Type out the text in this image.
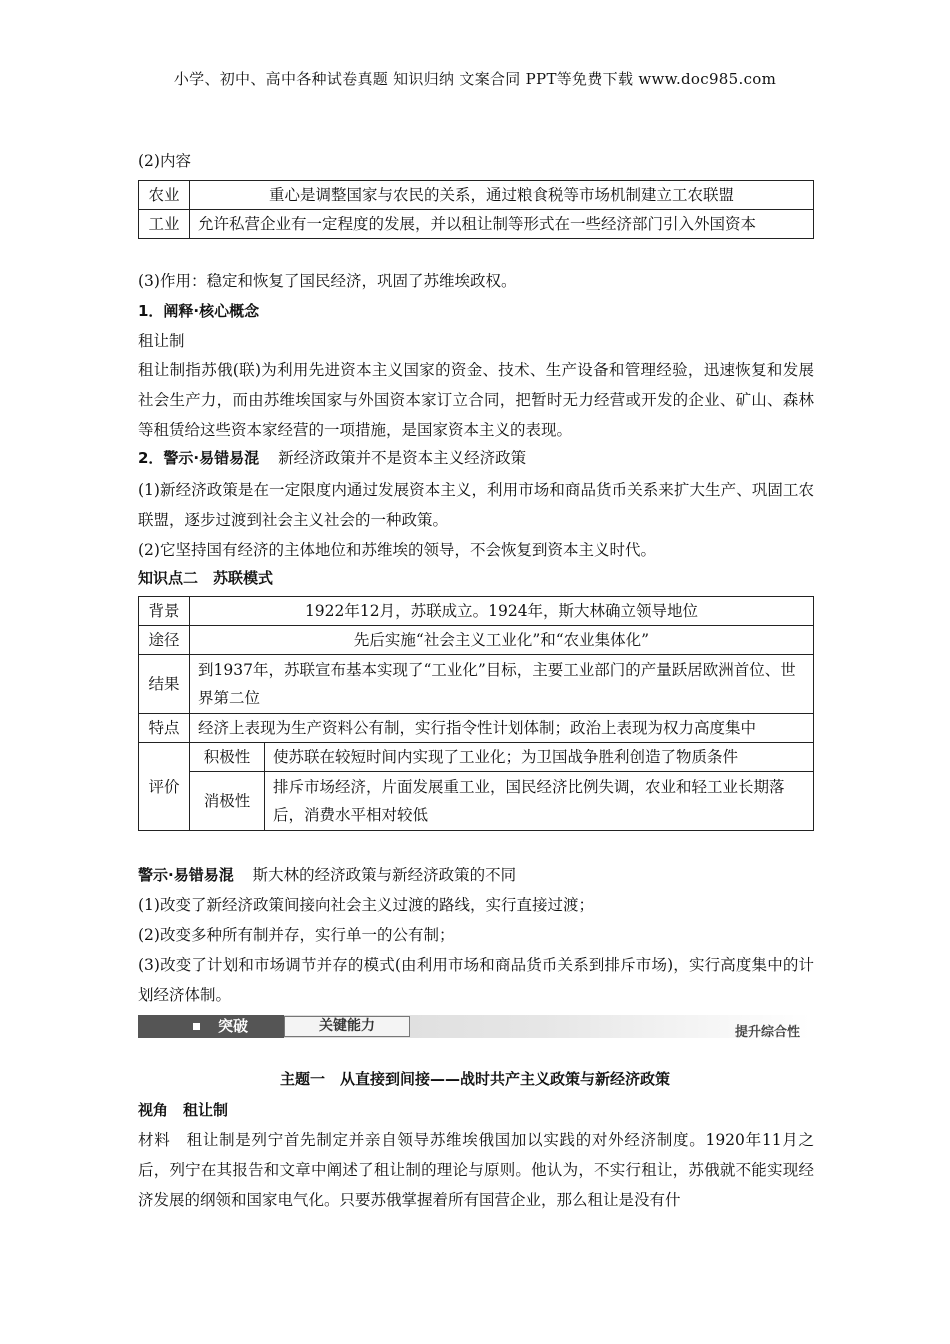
小学、初中、高中各种试卷真题 知识归纳 文案合同 PPT等免费下载 www.doc985.com
(2)内容
农业	重心是调整国家与农民的关系，通过粮食税等市场机制建立工农联盟
工业	允许私营企业有一定程度的发展，并以租让制等形式在一些经济部门引入外国资本
(3)作用：稳定和恢复了国民经济，巩固了苏维埃政权。
1．阐释·核心概念
租让制
租让制指苏俄(联)为利用先进资本主义国家的资金、技术、生产设备和管理经验，迅速恢复和发展社会生产力，而由苏维埃国家与外国资本家订立合同，把暂时无力经营或开发的企业、矿山、森林等租赁给这些资本家经营的一项措施，是国家资本主义的表现。
2．警示·易错易混 新经济政策并不是资本主义经济政策
(1)新经济政策是在一定限度内通过发展资本主义，利用市场和商品货币关系来扩大生产、巩固工农联盟，逐步过渡到社会主义社会的一种政策。
(2)它坚持国有经济的主体地位和苏维埃的领导，不会恢复到资本主义时代。
知识点二　苏联模式
背景	1922年12月，苏联成立。1924年，斯大林确立领导地位	
途径	先后实施“社会主义工业化”和“农业集体化”	
结果	到1937年，苏联宣布基本实现了“工业化”目标，主要工业部门的产量跃居欧洲首位、世界第二位	
特点	经济上表现为生产资料公有制，实行指令性计划体制；政治上表现为权力高度集中	
评价	积极性	使苏联在较短时间内实现了工业化；为卫国战争胜利创造了物质条件
	消极性	排斥市场经济，片面发展重工业，国民经济比例失调，农业和轻工业长期落后，消费水平相对较低
警示·易错易混 斯大林的经济政策与新经济政策的不同
(1)改变了新经济政策间接向社会主义过渡的路线，实行直接过渡；
(2)改变多种所有制并存，实行单一的公有制；
(3)改变了计划和市场调节并存的模式(由利用市场和商品货币关系到排斥市场)，实行高度集中的计划经济体制。
突破	关键能力	提升综合性
主题一　从直接到间接——战时共产主义政策与新经济政策
视角　租让制
材料　租让制是列宁首先制定并亲自领导苏维埃俄国加以实践的对外经济制度。1920年11月之后，列宁在其报告和文章中阐述了租让制的理论与原则。他认为，不实行租让，苏俄就不能实现经济发展的纲领和国家电气化。只要苏俄掌握着所有国营企业，那么租让是没有什
